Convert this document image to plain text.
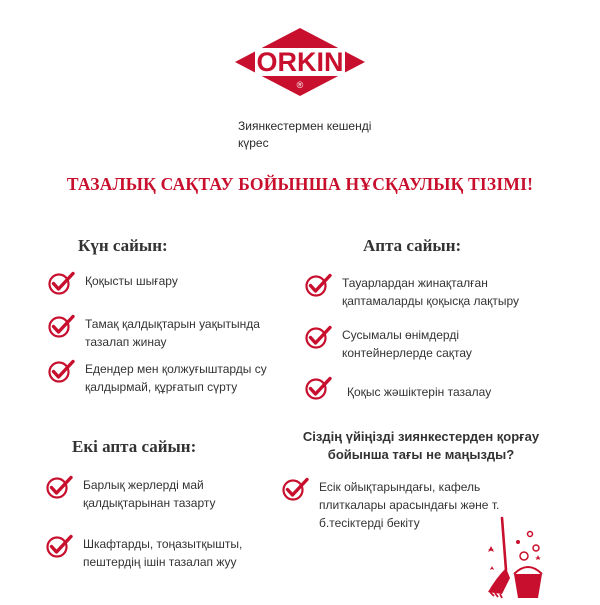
ORKIN
®
Зиянкестермен кешенді күрес
ТАЗАЛЫҚ САҚТАУ БОЙЫНША НҰСҚАУЛЫҚ ТІЗІМІ!
Күн сайын:
Қоқысты шығару
Тамақ қалдықтарын уақытында тазалап жинау
Едендер мен қолжуғыштарды су қалдырмай, құрғатып сүрту
Апта сайын:
Тауарлардан жинақталған қаптамаларды қоқысқа лақтыру
Сусымалы өнімдерді контейнерлерде сақтау
Қоқыс жәшіктерін тазалау
Екі апта сайын:
Барлық жерлерді май қалдықтарынан тазарту
Шкафтарды, тоңазытқышты, пештердің ішін тазалап жуу
Сіздің үйіңізді зиянкестерден қорғау бойынша тағы не маңызды?
Есік ойықтарындағы, кафель плиткалары арасындағы және т. б.тесіктерді бекіту
